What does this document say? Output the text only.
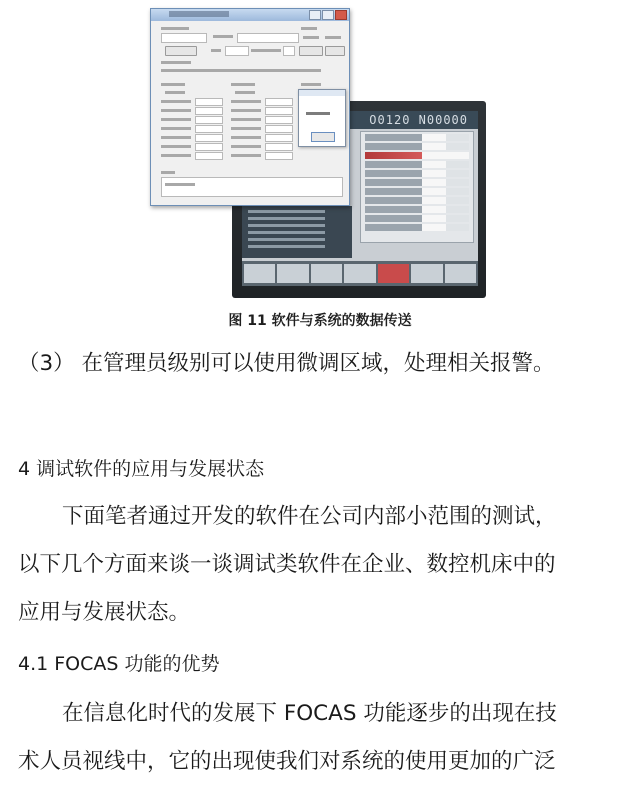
O0120 N00000
图 11 软件与系统的数据传送
（3） 在管理员级别可以使用微调区域，处理相关报警。
4 调试软件的应用与发展状态
下面笔者通过开发的软件在公司内部小范围的测试，
以下几个方面来谈一谈调试类软件在企业、数控机床中的
应用与发展状态。
4.1 FOCAS 功能的优势
在信息化时代的发展下 FOCAS 功能逐步的出现在技
术人员视线中，它的出现使我们对系统的使用更加的广泛
